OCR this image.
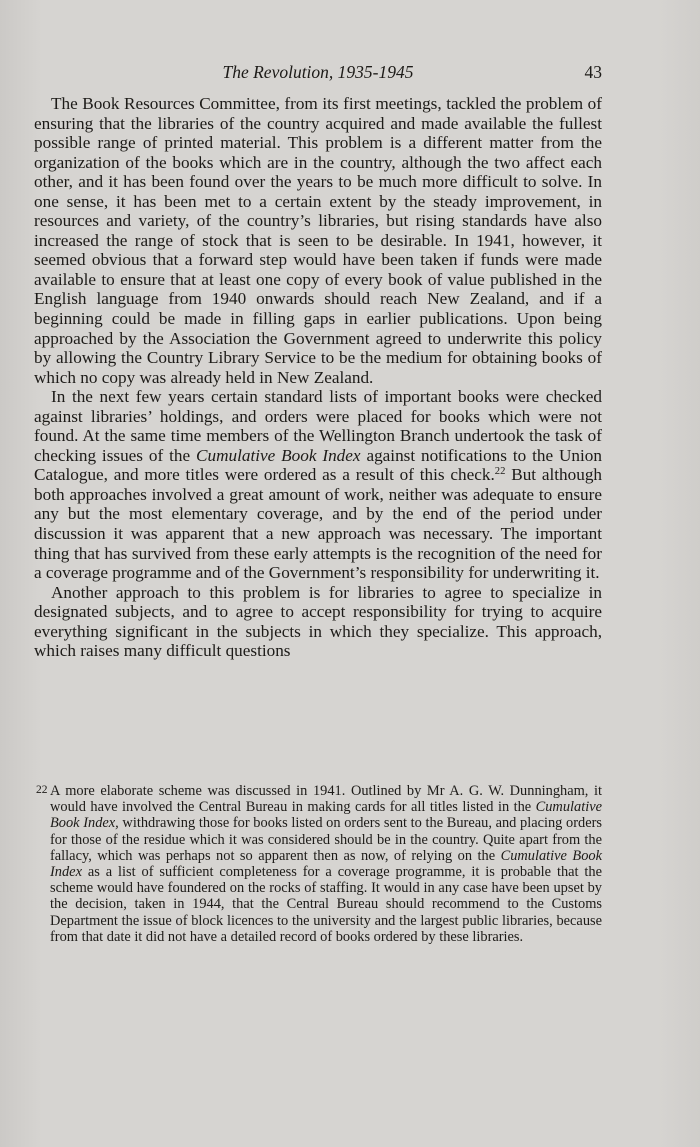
The Revolution, 1935-1945	43

The Book Resources Committee, from its first meetings, tackled the problem of ensuring that the libraries of the country acquired and made available the fullest possible range of printed material. This problem is a different matter from the organization of the books which are in the country, although the two affect each other, and it has been found over the years to be much more difficult to solve. In one sense, it has been met to a certain extent by the steady improvement, in resources and variety, of the country’s libraries, but rising standards have also increased the range of stock that is seen to be desirable. In 1941, however, it seemed obvious that a forward step would have been taken if funds were made available to ensure that at least one copy of every book of value published in the English language from 1940 onwards should reach New Zealand, and if a beginning could be made in filling gaps in earlier publications. Upon being approached by the Association the Government agreed to underwrite this policy by allowing the Country Library Service to be the medium for obtaining books of which no copy was already held in New Zealand.

In the next few years certain standard lists of important books were checked against libraries’ holdings, and orders were placed for books which were not found. At the same time members of the Wellington Branch undertook the task of checking issues of the Cumulative Book Index against notifications to the Union Catalogue, and more titles were ordered as a result of this check.$^{22}$ But although both approaches involved a great amount of work, neither was adequate to ensure any but the most elementary coverage, and by the end of the period under discussion it was apparent that a new approach was necessary. The important thing that has survived from these early attempts is the recognition of the need for a coverage programme and of the Government’s responsibility for underwriting it.

Another approach to this problem is for libraries to agree to specialize in designated subjects, and to agree to accept responsibility for trying to acquire everything significant in the subjects in which they specialize. This approach, which raises many difficult questions

22 A more elaborate scheme was discussed in 1941. Outlined by Mr A. G. W. Dunningham, it would have involved the Central Bureau in making cards for all titles listed in the Cumulative Book Index, withdrawing those for books listed on orders sent to the Bureau, and placing orders for those of the residue which it was considered should be in the country. Quite apart from the fallacy, which was perhaps not so apparent then as now, of relying on the Cumulative Book Index as a list of sufficient completeness for a coverage programme, it is probable that the scheme would have foundered on the rocks of staffing. It would in any case have been upset by the decision, taken in 1944, that the Central Bureau should recommend to the Customs Department the issue of block licences to the university and the largest public libraries, because from that date it did not have a detailed record of books ordered by these libraries.
